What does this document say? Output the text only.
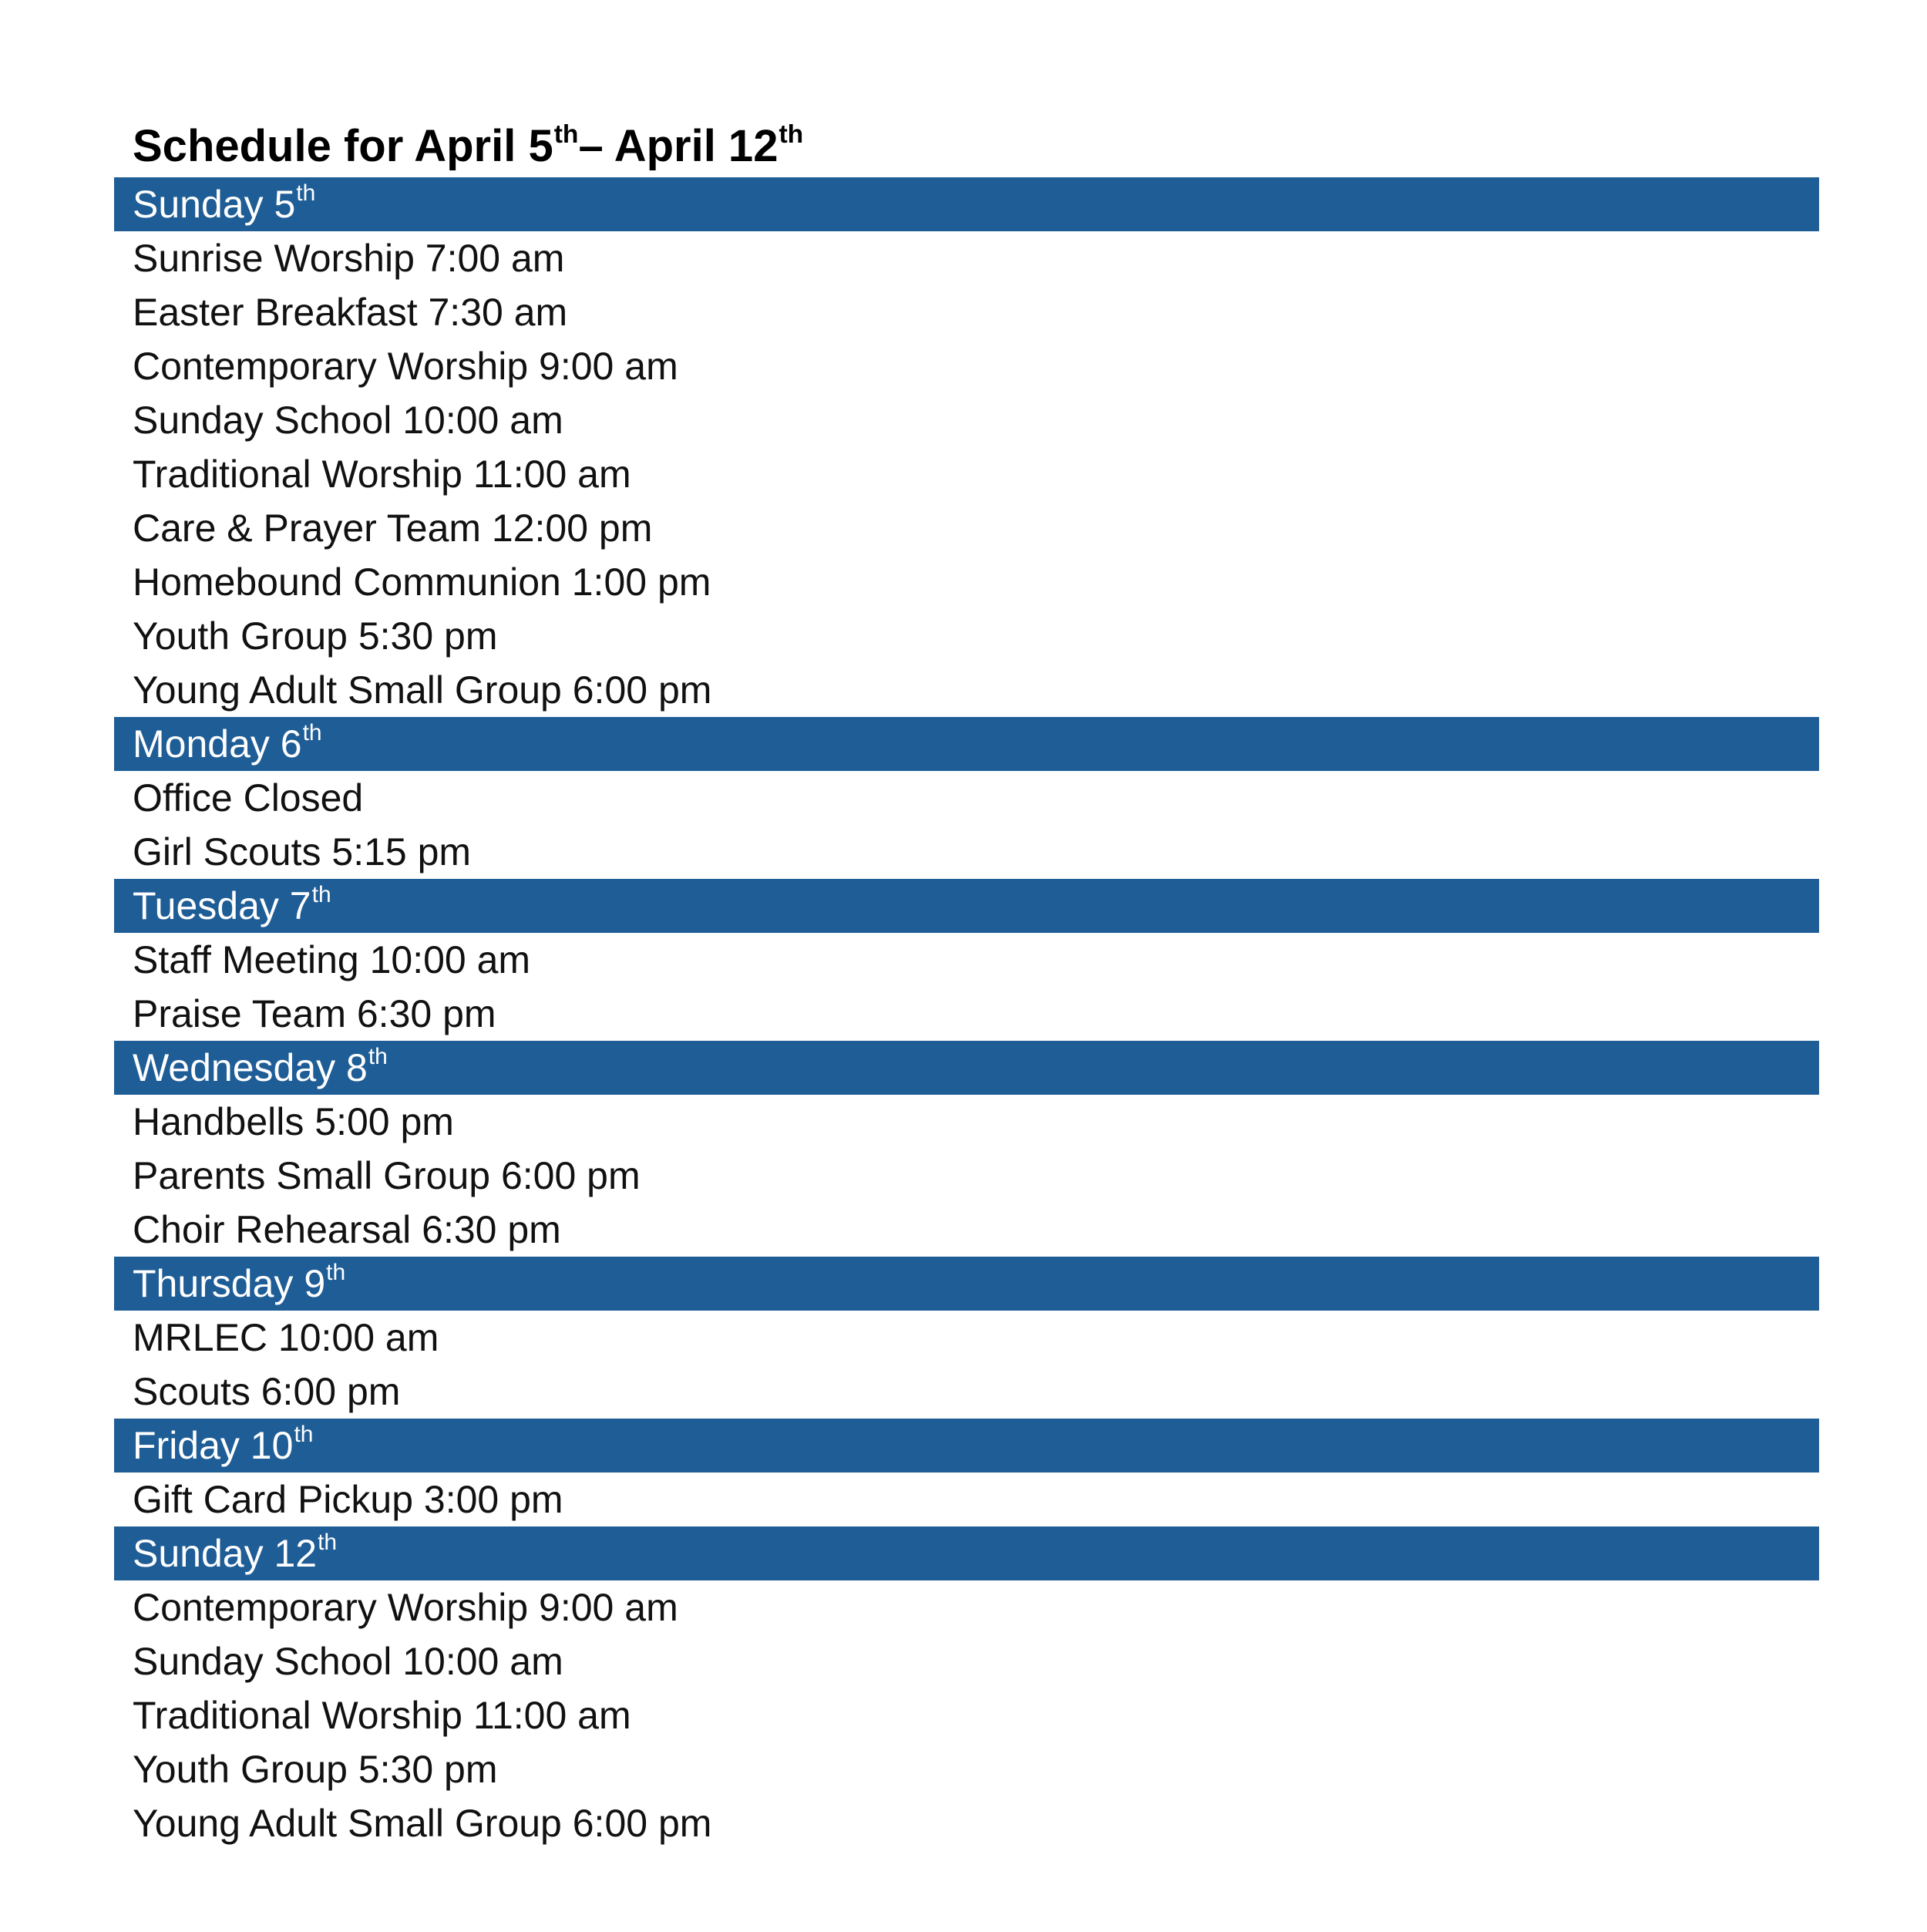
Schedule for April 5th– April 12th
Sunday 5th
Sunrise Worship 7:00 am
Easter Breakfast 7:30 am
Contemporary Worship 9:00 am
Sunday School 10:00 am
Traditional Worship 11:00 am
Care & Prayer Team 12:00 pm
Homebound Communion 1:00 pm
Youth Group 5:30 pm
Young Adult Small Group 6:00 pm
Monday 6th
Office Closed
Girl Scouts 5:15 pm
Tuesday 7th
Staff Meeting 10:00 am
Praise Team 6:30 pm
Wednesday 8th
Handbells 5:00 pm
Parents Small Group 6:00 pm
Choir Rehearsal 6:30 pm
Thursday 9th
MRLEC 10:00 am
Scouts 6:00 pm
Friday 10th
Gift Card Pickup 3:00 pm
Sunday 12th
Contemporary Worship 9:00 am
Sunday School 10:00 am
Traditional Worship 11:00 am
Youth Group 5:30 pm
Young Adult Small Group 6:00 pm
